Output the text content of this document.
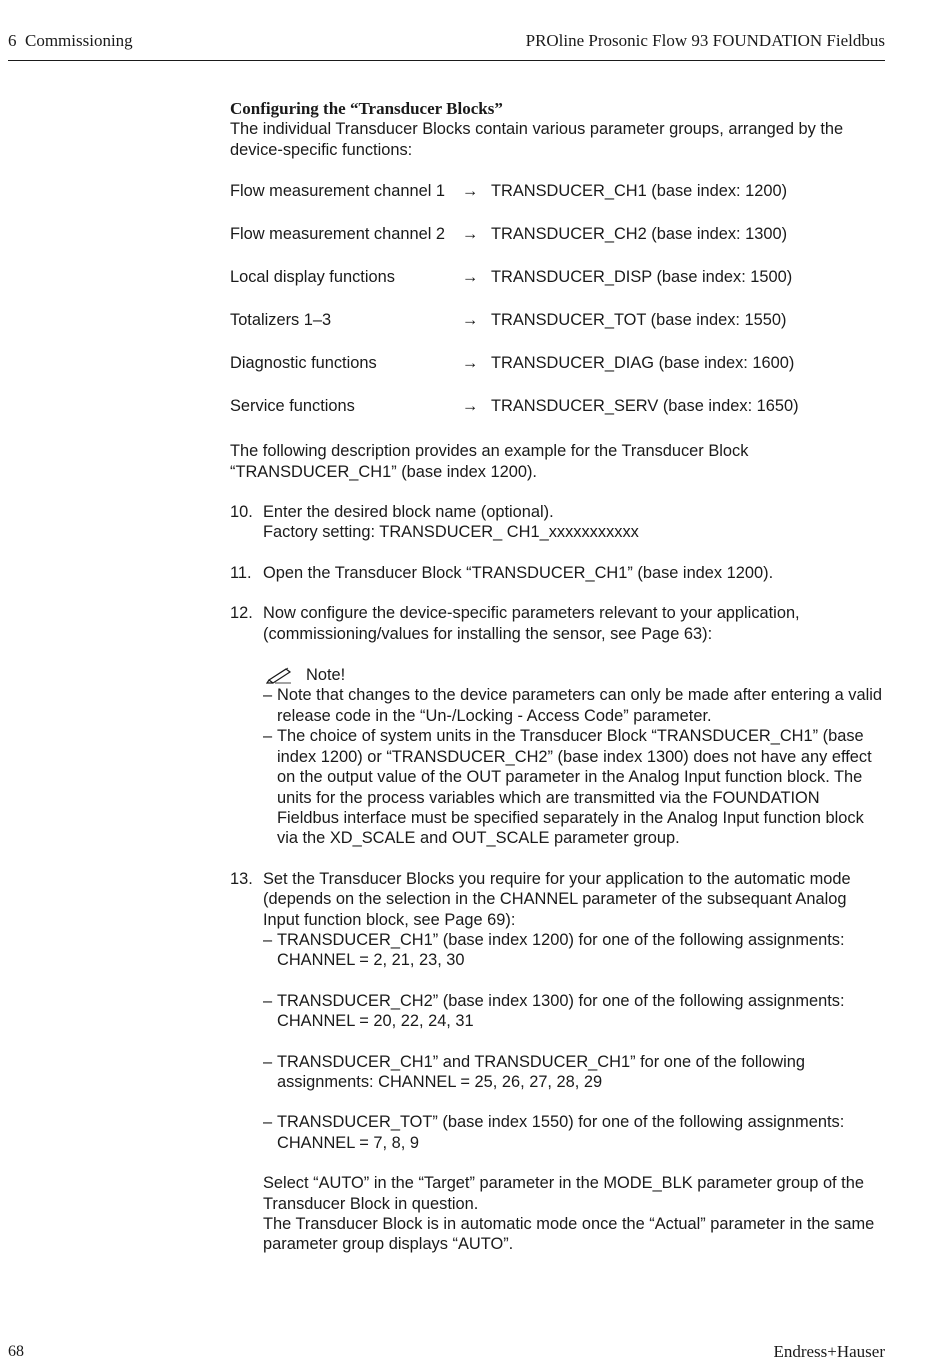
6  Commissioning	PROline Prosonic Flow 93 FOUNDATION Fieldbus
Configuring the “Transducer Blocks”
The individual Transducer Blocks contain various parameter groups, arranged by the device-specific functions:
Flow measurement channel 1	→ TRANSDUCER_CH1 (base index: 1200)
Flow measurement channel 2	→ TRANSDUCER_CH2 (base index: 1300)
Local display functions	→ TRANSDUCER_DISP (base index: 1500)
Totalizers 1–3	→ TRANSDUCER_TOT (base index: 1550)
Diagnostic functions	→ TRANSDUCER_DIAG (base index: 1600)
Service functions	→ TRANSDUCER_SERV (base index: 1650)
The following description provides an example for the Transducer Block “TRANSDUCER_CH1” (base index 1200).
10. Enter the desired block name (optional).
Factory setting: TRANSDUCER_ CH1_xxxxxxxxxxx
11. Open the Transducer Block “TRANSDUCER_CH1” (base index 1200).
12. Now configure the device-specific parameters relevant to your application, (commissioning/values for installing the sensor, see Page 63):
Note!
– Note that changes to the device parameters can only be made after entering a valid release code in the “Un-/Locking - Access Code” parameter.
– The choice of system units in the Transducer Block “TRANSDUCER_CH1” (base index 1200) or “TRANSDUCER_CH2” (base index 1300) does not have any effect on the output value of the OUT parameter in the Analog Input function block. The units for the process variables which are transmitted via the FOUNDATION Fieldbus interface must be specified separately in the Analog Input function block via the XD_SCALE and OUT_SCALE parameter group.
13. Set the Transducer Blocks you require for your application to the automatic mode (depends on the selection in the CHANNEL parameter of the subsequant Analog Input function block, see Page 69):
– TRANSDUCER_CH1” (base index 1200) for one of the following assignments: CHANNEL = 2, 21, 23, 30
– TRANSDUCER_CH2” (base index 1300) for one of the following assignments: CHANNEL = 20, 22, 24, 31
– TRANSDUCER_CH1” and TRANSDUCER_CH1” for one of the following assignments: CHANNEL = 25, 26, 27, 28, 29
– TRANSDUCER_TOT” (base index 1550) for one of the following assignments: CHANNEL = 7, 8, 9
Select “AUTO” in the “Target” parameter in the MODE_BLK parameter group of the Transducer Block in question.
The Transducer Block is in automatic mode once the “Actual” parameter in the same parameter group displays “AUTO”.
68	Endress+Hauser
